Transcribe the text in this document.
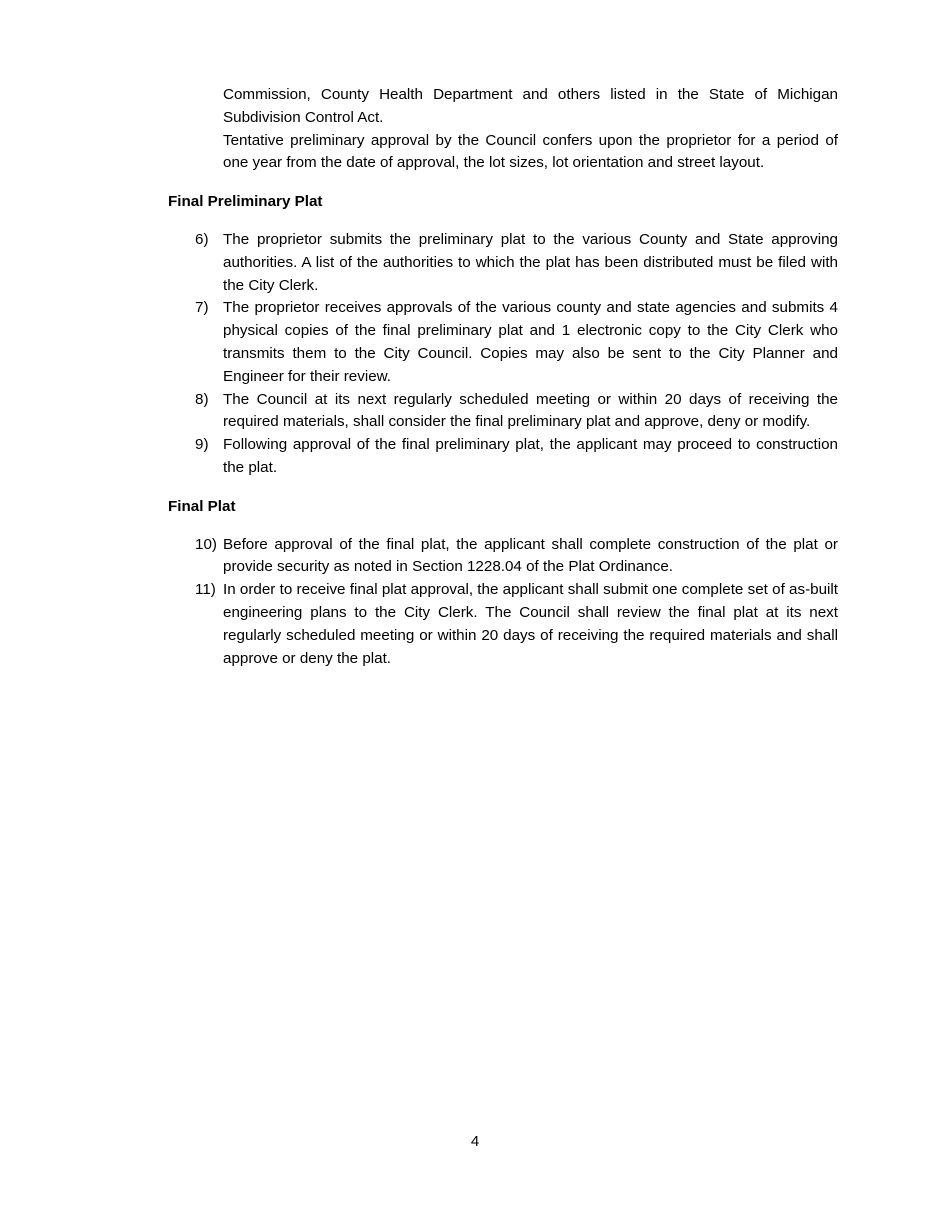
Commission, County Health Department and others listed in the State of Michigan Subdivision Control Act.

Tentative preliminary approval by the Council confers upon the proprietor for a period of one year from the date of approval, the lot sizes, lot orientation and street layout.

Final Preliminary Plat
6) The proprietor submits the preliminary plat to the various County and State approving authorities. A list of the authorities to which the plat has been distributed must be filed with the City Clerk.
7) The proprietor receives approvals of the various county and state agencies and submits 4 physical copies of the final preliminary plat and 1 electronic copy to the City Clerk who transmits them to the City Council. Copies may also be sent to the City Planner and Engineer for their review.
8) The Council at its next regularly scheduled meeting or within 20 days of receiving the required materials, shall consider the final preliminary plat and approve, deny or modify.
9) Following approval of the final preliminary plat, the applicant may proceed to construction the plat.
Final Plat
10) Before approval of the final plat, the applicant shall complete construction of the plat or provide security as noted in Section 1228.04 of the Plat Ordinance.
11) In order to receive final plat approval, the applicant shall submit one complete set of as-built engineering plans to the City Clerk. The Council shall review the final plat at its next regularly scheduled meeting or within 20 days of receiving the required materials and shall approve or deny the plat.
4
